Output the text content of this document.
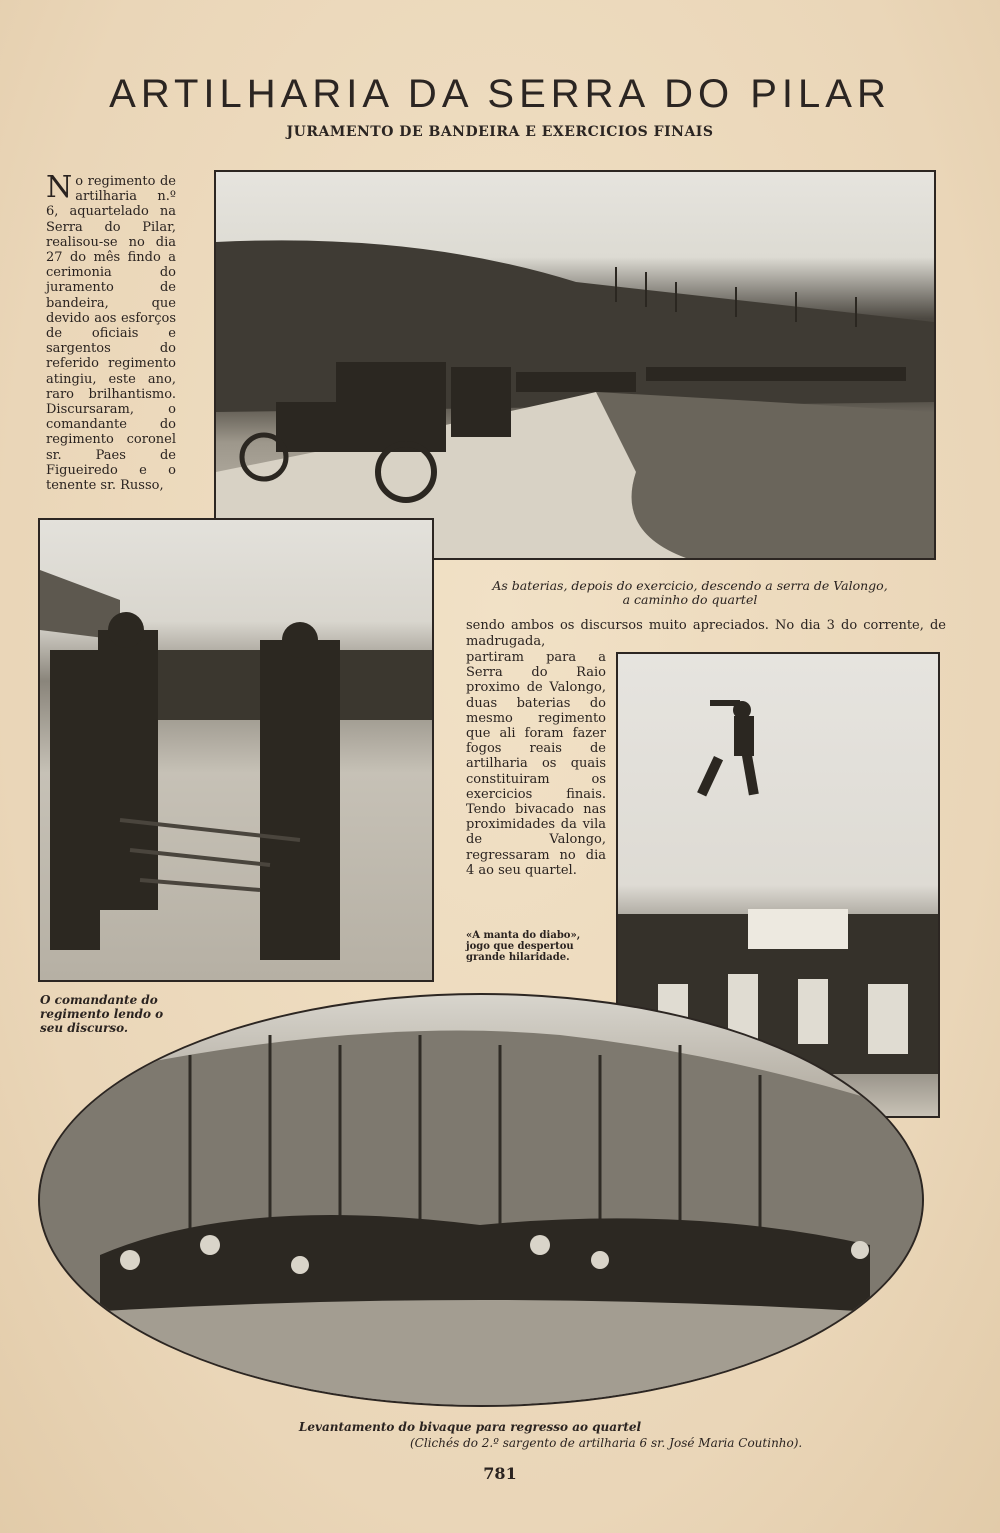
ARTILHARIA DA SERRA DO PILAR
JURAMENTO DE BANDEIRA E EXERCICIOS FINAIS
No regimento de artilharia n.º 6, aquartelado na Serra do Pilar, realisou-se no dia 27 do mês findo a cerimonia do juramento de bandeira, que devido aos esforços de oficiais e sargentos do referido regimento atingiu, este ano, raro brilhantismo. Discursaram, o comandante do regimento coronel sr. Paes de Figueiredo e o tenente sr. Russo,
As baterias, depois do exercicio, descendo a serra de Valongo,
a caminho do quartel
sendo ambos os discursos muito apreciados. No dia 3 do corrente, de madrugada,
partiram para a Serra do Raio proximo de Valongo, duas baterias do mesmo regimento que ali foram fazer fogos reais de artilharia os quais constituiram os exercicios finais. Tendo bivacado nas proximidades da vila de Valongo, regressaram no dia 4 ao seu quartel.
«A manta do diabo», jogo que despertou grande hilaridade.
O comandante do regimento lendo o seu discurso.
Levantamento do bivaque para regresso ao quartel
(Clichés do 2.º sargento de artilharia 6 sr. José Maria Coutinho).
781
